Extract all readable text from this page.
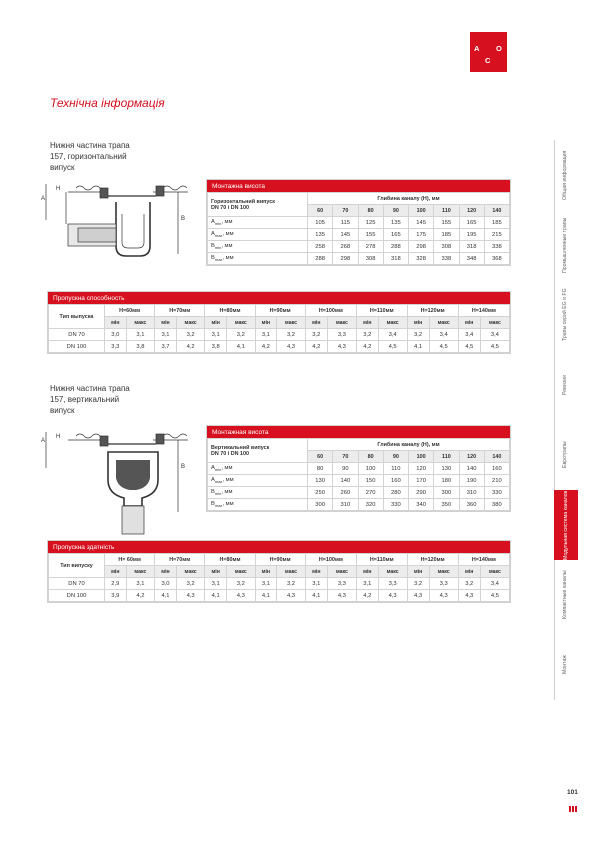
A
C
O
Технічна інформація
Нижня частина трапа
157, горизонтальний
випуск
A
H
B
Монтажна висота
Горизонтальний випуск
DN 70 і DN 100	Глибина каналу (H), мм							
	60	70	80	90	100	110	120	140
$A_{min}$, мм	105	115	125	135	145	155	165	185
$A_{max}$, мм	135	145	155	165	175	185	195	215
$B_{min}$, мм	258	268	278	288	298	308	318	338
$B_{max}$, мм	288	298	308	318	328	338	348	368
Пропускна способность
Тип выпуска	H=60мм		H=70мм		H=80мм		H=90мм		H=100мм		H=110мм		H=120мм		H=140мм	
	мін	макс	мін	макс	мін	макс	мін	макс	мін	макс	мін	макс	мін	макс	мін	макс
DN 70	3,0	3,1	3,1	3,2	3,1	3,2	3,1	3,2	3,2	3,3	3,2	3,4	3,2	3,4	3,4	3,4
DN 100	3,3	3,8	3,7	4,2	3,8	4,1	4,2	4,3	4,2	4,3	4,2	4,5	4,1	4,5	4,5	4,5
Нижня частина трапа
157, вертикальний
випуск
A
H
B
Монтажная висота
Вертикальний випуск
DN 70 і DN 100	Глибина каналу (H), мм							
	60	70	80	90	100	110	120	140
$A_{min}$, мм	80	90	100	110	120	130	140	160
$A_{max}$, мм	130	140	150	160	170	180	190	210
$B_{min}$, мм	250	260	270	280	290	300	310	330
$B_{max}$, мм	300	310	320	330	340	350	360	380
Пропускна здатність
Тип випуску	H= 60мм		H=70мм		H=80мм		H=90мм		H=100мм		H=110мм		H=120мм		H=140мм	
	мін	макс	мін	макс	мін	макс	мін	макс	мін	макс	мін	макс	мін	макс	мін	макс
DN 70	2,9	3,1	3,0	3,2	3,1	3,2	3,1	3,2	3,1	3,3	3,1	3,3	3,2	3,3	3,2	3,4
DN 100	3,9	4,2	4,1	4,3	4,1	4,3	4,1	4,3	4,1	4,3	4,2	4,3	4,3	4,3	4,3	4,5
Общая информация
Промышленные трапы
Трапы серий EG и FG
Ревизии
Евротрапы
Модульная система каналов
Компактные каналы
Монтаж
101
